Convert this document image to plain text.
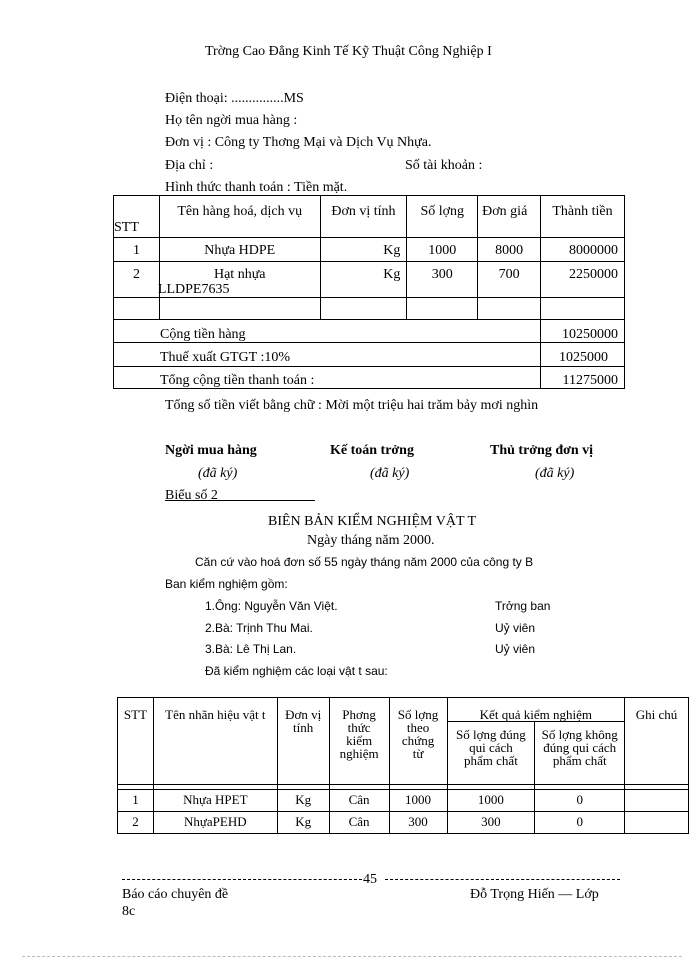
Trờng Cao Đẳng Kinh Tế Kỹ Thuật Công Nghiệp I
Điện thoại: ...............MS
Họ tên ngời mua hàng :
Đơn vị : Công ty Thơng Mại và Dịch Vụ Nhựa.
Địa chỉ :	Số tài khoản :
Hình thức thanh toán : Tiền mặt.
STT	Tên hàng hoá, dịch vụ	Đơn vị tính	Số lợng	Đơn giá	Thành tiền
1	Nhựa HDPE	Kg	1000	8000	8000000
2	Hạt nhựa
LLDPE7635	Kg	300	700	2250000

Cộng tiền hàng					10250000
Thuế xuất GTGT :10%					1025000
Tổng cộng tiền thanh toán :					11275000
Tổng số tiền viết bằng chữ : Mời một triệu hai trăm bảy mơi nghìn
Ngời mua hàng	Kế toán trởng	Thủ trởng đơn vị
(đã ký)	(đã ký)	(đã ký)
Biểu số 2
BIÊN BẢN KIỂM NGHIỆM VẬT T
Ngày tháng năm 2000.
Căn cứ vào hoá đơn số 55 ngày tháng năm 2000 của công ty B
Ban kiểm nghiệm gồm:
1.Ông: Nguyễn Văn Việt.	Trởng ban
2.Bà: Trịnh Thu Mai.	Uỷ viên
3.Bà: Lê Thị Lan.	Uỷ viên
Đã kiểm nghiệm các loại vật t sau:
STT	Tên nhãn hiệu vật t	Đơn vị tính	Phơng thức kiểm nghiệm	Số lợng theo chứng từ	Kết quả kiểm nghiệm		Ghi chú
					Số lợng đúng qui cách phẩm chất	Số lợng không đúng qui cách phẩm chất	

1	Nhựa HPET	Kg	Cân	1000	1000	0	
2	NhựaPEHD	Kg	Cân	300	300	0	
45
Báo cáo chuyên đề
8c
Đỗ Trọng Hiến — Lớp
